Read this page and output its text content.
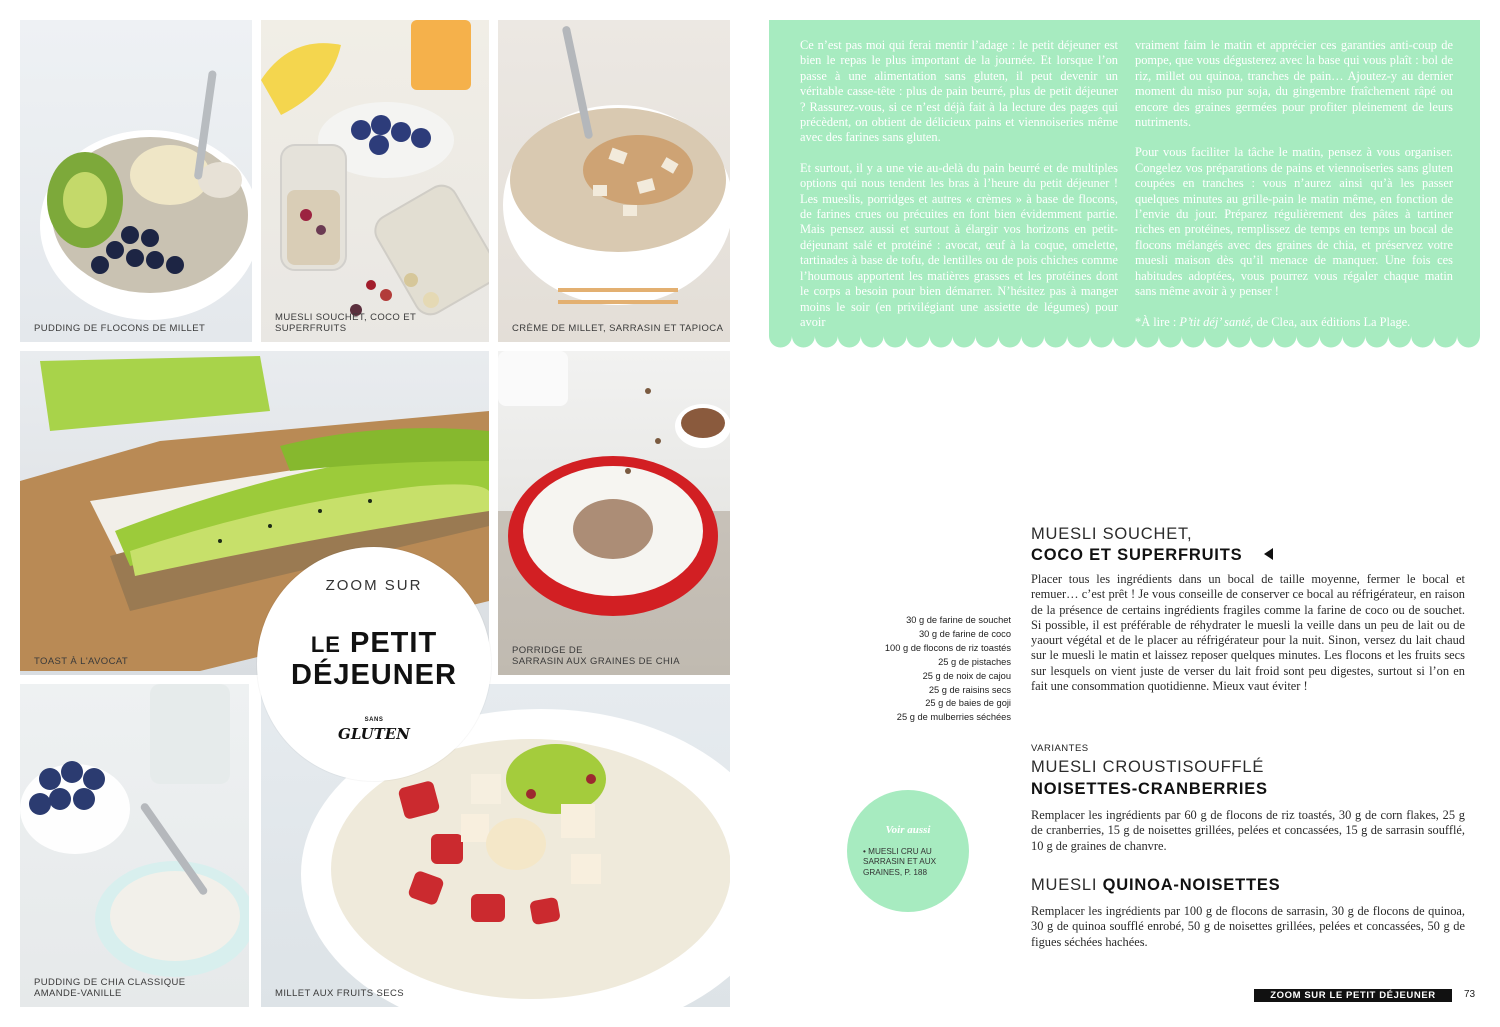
PUDDING DE FLOCONS DE MILLET
MUESLI SOUCHET, COCO ET SUPERFRUITS	CRÈME DE MILLET, SARRASIN ET TAPIOCA
TOAST À L'AVOCAT
PORRIDGE DE
SARRASIN AUX GRAINES DE CHIA
PUDDING DE CHIA CLASSIQUE
AMANDE-VANILLE	MILLET AUX FRUITS SECS
ZOOM SUR
LE PETIT
DÉJEUNER
SANS
GLUTEN

Ce n’est pas moi qui ferai mentir l’adage : le petit déjeuner est bien le repas le plus important de la journée. Et lorsque l’on passe à une alimentation sans gluten, il peut devenir un véritable casse-tête : plus de pain beurré, plus de petit déjeuner ? Rassurez-vous, si ce n’est déjà fait à la lecture des pages qui précèdent, on obtient de délicieux pains et viennoiseries même avec des farines sans gluten.

Et surtout, il y a une vie au-delà du pain beurré et de multiples options qui nous tendent les bras à l’heure du petit déjeuner ! Les mueslis, porridges et autres « crèmes » à base de flocons, de farines crues ou précuites en font bien évidemment partie. Mais pensez aussi et surtout à élargir vos horizons en petit-déjeunant salé et protéiné : avocat, œuf à la coque, omelette, tartinades à base de tofu, de lentilles ou de pois chiches comme l’houmous apportent les matières grasses et les protéines dont le corps a besoin pour bien démarrer. N’hésitez pas à manger moins le soir (en privilégiant une assiette de légumes) pour avoir

vraiment faim le matin et apprécier ces garanties anti-coup de pompe, que vous dégusterez avec la base qui vous plaît : bol de riz, millet ou quinoa, tranches de pain… Ajoutez-y au dernier moment du miso pur soja, du gingembre fraîchement râpé ou encore des graines germées pour profiter pleinement de leurs nutriments.

Pour vous faciliter la tâche le matin, pensez à vous organiser. Congelez vos préparations de pains et viennoiseries sans gluten coupées en tranches : vous n’aurez ainsi qu’à les passer quelques minutes au grille-pain le matin même, en fonction de l’envie du jour. Préparez régulièrement des pâtes à tartiner riches en protéines, remplissez de temps en temps un bocal de flocons mélangés avec des graines de chia, et préservez votre muesli maison dès qu’il menace de manquer. Une fois ces habitudes adoptées, vous pourrez vous régaler chaque matin sans même avoir à y penser !

*À lire : P’tit déj’ santé, de Clea, aux éditions La Plage.

MUESLI SOUCHET,
COCO ET SUPERFRUITS
30 g de farine de souchet
30 g de farine de coco
100 g de flocons de riz toastés
25 g de pistaches
25 g de noix de cajou
25 g de raisins secs
25 g de baies de goji
25 g de mulberries séchées
Placer tous les ingrédients dans un bocal de taille moyenne, fermer le bocal et remuer… c’est prêt ! Je vous conseille de conserver ce bocal au réfrigérateur, en raison de la présence de certains ingrédients fragiles comme la farine de coco ou de souchet. Si possible, il est préférable de réhydrater le muesli la veille dans un peu de lait ou de yaourt végétal et de le placer au réfrigérateur pour la nuit. Sinon, versez du lait chaud sur le muesli le matin et laissez reposer quelques minutes. Les flocons et les fruits secs sur lesquels on vient juste de verser du lait froid sont peu digestes, surtout si l’on en fait une consommation quotidienne. Mieux vaut éviter !
VARIANTES
MUESLI CROUSTISOUFFLÉ
NOISETTES-CRANBERRIES
Remplacer les ingrédients par 60 g de flocons de riz toastés, 30 g de corn flakes, 25 g de cranberries, 15 g de noisettes grillées, pelées et concassées, 15 g de sarrasin soufflé, 10 g de graines de chanvre.
MUESLI QUINOA-NOISETTES
Remplacer les ingrédients par 100 g de flocons de sarrasin, 30 g de flocons de quinoa, 30 g de quinoa soufflé enrobé, 50 g de noisettes grillées, pelées et concassées, 50 g de figues séchées hachées.
Voir aussi
• MUESLI CRU AU SARRASIN ET AUX GRAINES, P. 188
ZOOM SUR LE PETIT DÉJEUNER	73
